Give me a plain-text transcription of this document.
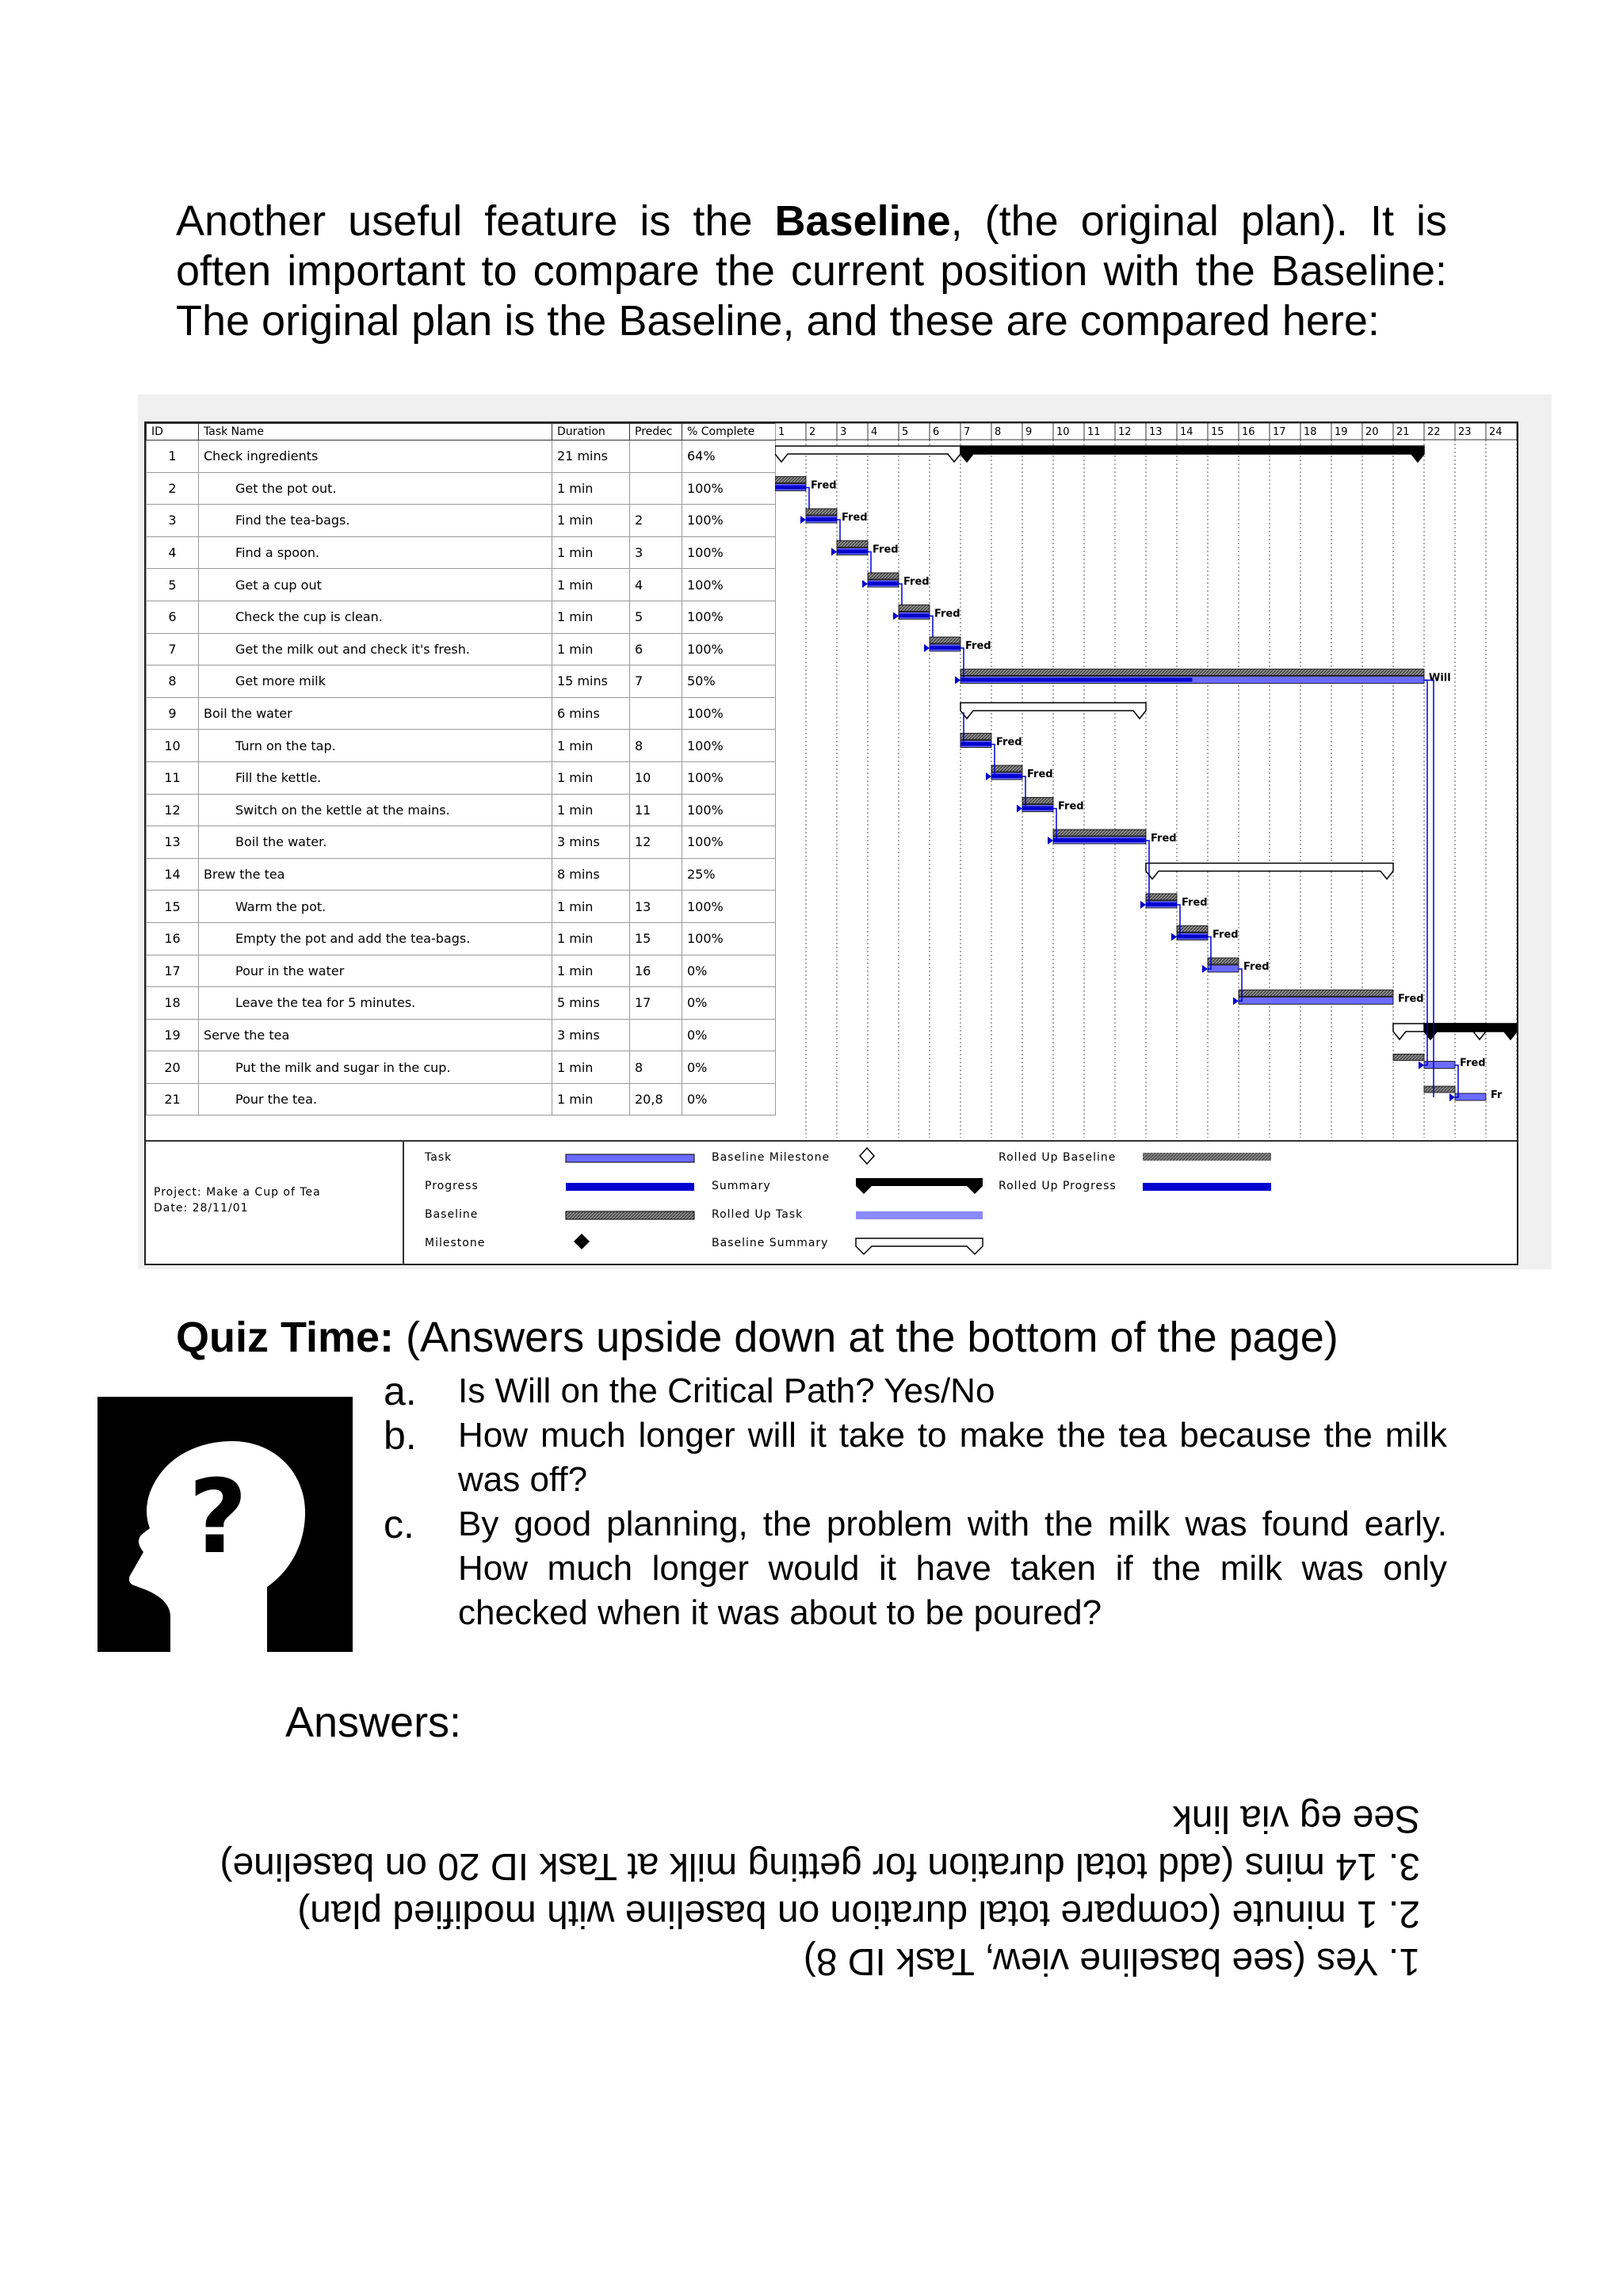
Another useful feature is the Baseline, (the original plan). It is often important to compare the current position with the Baseline: The original plan is the Baseline, and these are compared here:

ID	Task Name	Duration	Predec	% Complete
1	Check ingredients	21 mins		64%
2	Get the pot out.	1 min		100%
3	Find the tea-bags.	1 min	2	100%
4	Find a spoon.	1 min	3	100%
5	Get a cup out	1 min	4	100%
6	Check the cup is clean.	1 min	5	100%
7	Get the milk out and check it's fresh.	1 min	6	100%
8	Get more milk	15 mins	7	50%
9	Boil the water	6 mins		100%
10	Turn on the tap.	1 min	8	100%
11	Fill the kettle.	1 min	10	100%
12	Switch on the kettle at the mains.	1 min	11	100%
13	Boil the water.	3 mins	12	100%
14	Brew the tea	8 mins		25%
15	Warm the pot.	1 min	13	100%
16	Empty the pot and add the tea-bags.	1 min	15	100%
17	Pour in the water	1 min	16	0%
18	Leave the tea for 5 minutes.	5 mins	17	0%
19	Serve the tea	3 mins		0%
20	Put the milk and sugar in the cup.	1 min	8	0%
21	Pour the tea.	1 min	20,8	0%
1 2 3 4 5 6 7 8 9 10 11 12 13 14 15 16 17 18 19 20 21 22 23 24
Fred
Fred
Fred
Fred
Fred
Fred
Will
Fred
Fred
Fred
Fred
Fred
Fred
Fred
Fred
Fred
Fr
Project: Make a Cup of Tea
Date: 28/11/01
Task
Progress
Baseline
Milestone
Baseline Milestone
Summary
Rolled Up Task
Baseline Summary
Rolled Up Baseline
Rolled Up Progress
Quiz Time: (Answers upside down at the bottom of the page)
?
a. Is Will on the Critical Path? Yes/No
b. How much longer will it take to make the tea because the milk was off?
c. By good planning, the problem with the milk was found early. How much longer would it have taken if the milk was only checked when it was about to be poured?
Answers:
1. Yes (see baseline view, Task ID 8)
2. 1 minute (compare total duration on baseline with modified plan)
3. 14 mins (add total duration for getting milk at Task ID 20 on baseline)
See eg via link
